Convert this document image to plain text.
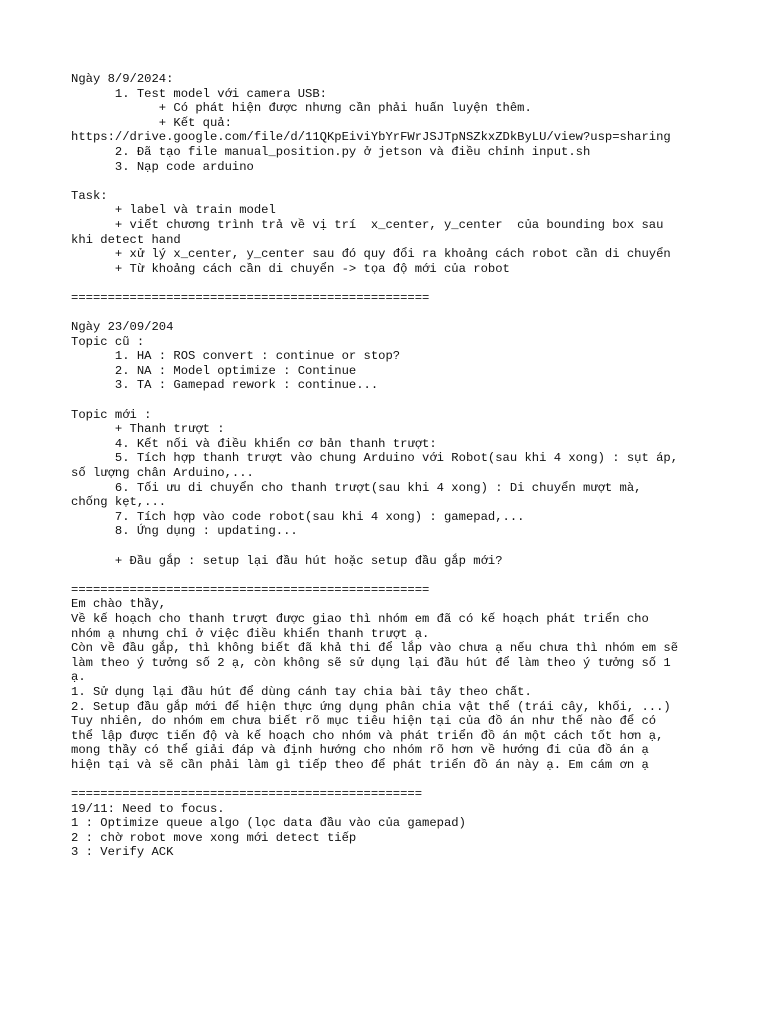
Ngày 8/9/2024:
1. Test model với camera USB:
+ Có phát hiện được nhưng cần phải huấn luyện thêm.
+ Kết quả:
https://drive.google.com/file/d/11QKpEiviYbYrFWrJSJTpNSZkxZDkByLU/view?usp=sharing
2. Đã tạo file manual_position.py ở jetson và điều chỉnh input.sh
3. Nạp code arduino
Task:
+ label và train model
+ viết chương trình trả về vị trí  x_center, y_center  của bounding box sau
khi detect hand
+ xử lý x_center, y_center sau đó quy đổi ra khoảng cách robot cần di chuyển
+ Từ khoảng cách cần di chuyển -> tọa độ mới của robot
=================================================
Ngày 23/09/204
Topic cũ :
1. HA : ROS convert : continue or stop?
2. NA : Model optimize : Continue
3. TA : Gamepad rework : continue...
Topic mới :
+ Thanh trượt :
4. Kết nối và điều khiển cơ bản thanh trượt:
5. Tích hợp thanh trượt vào chung Arduino với Robot(sau khi 4 xong) : sụt áp,
số lượng chân Arduino,...
6. Tối ưu di chuyển cho thanh trượt(sau khi 4 xong) : Di chuyển mượt mà,
chống kẹt,...
7. Tích hợp vào code robot(sau khi 4 xong) : gamepad,...
8. Ứng dụng : updating...
+ Đầu gắp : setup lại đầu hút hoặc setup đầu gắp mới?
=================================================
Em chào thầy,
Về kế hoạch cho thanh trượt được giao thì nhóm em đã có kế hoạch phát triển cho
nhóm ạ nhưng chỉ ở việc điều khiển thanh trượt ạ.
Còn về đầu gắp, thì không biết đã khả thi để lắp vào chưa ạ nếu chưa thì nhóm em sẽ
làm theo ý tưởng số 2 ạ, còn không sẽ sử dụng lại đầu hút để làm theo ý tưởng số 1
ạ.
1. Sử dụng lại đầu hút để dùng cánh tay chia bài tây theo chất.
2. Setup đầu gắp mới để hiện thực ứng dụng phân chia vật thể (trái cây, khối, ...)
Tuy nhiên, do nhóm em chưa biết rõ mục tiêu hiện tại của đồ án như thế nào để có
thể lập được tiến độ và kế hoạch cho nhóm và phát triển đồ án một cách tốt hơn ạ,
mong thầy có thể giải đáp và định hướng cho nhóm rõ hơn về hướng đi của đồ án ạ
hiện tại và sẽ cần phải làm gì tiếp theo để phát triển đồ án này ạ. Em cám ơn ạ
================================================
19/11: Need to focus.
1 : Optimize queue algo (lọc data đầu vào của gamepad)
2 : chờ robot move xong mới detect tiếp
3 : Verify ACK
